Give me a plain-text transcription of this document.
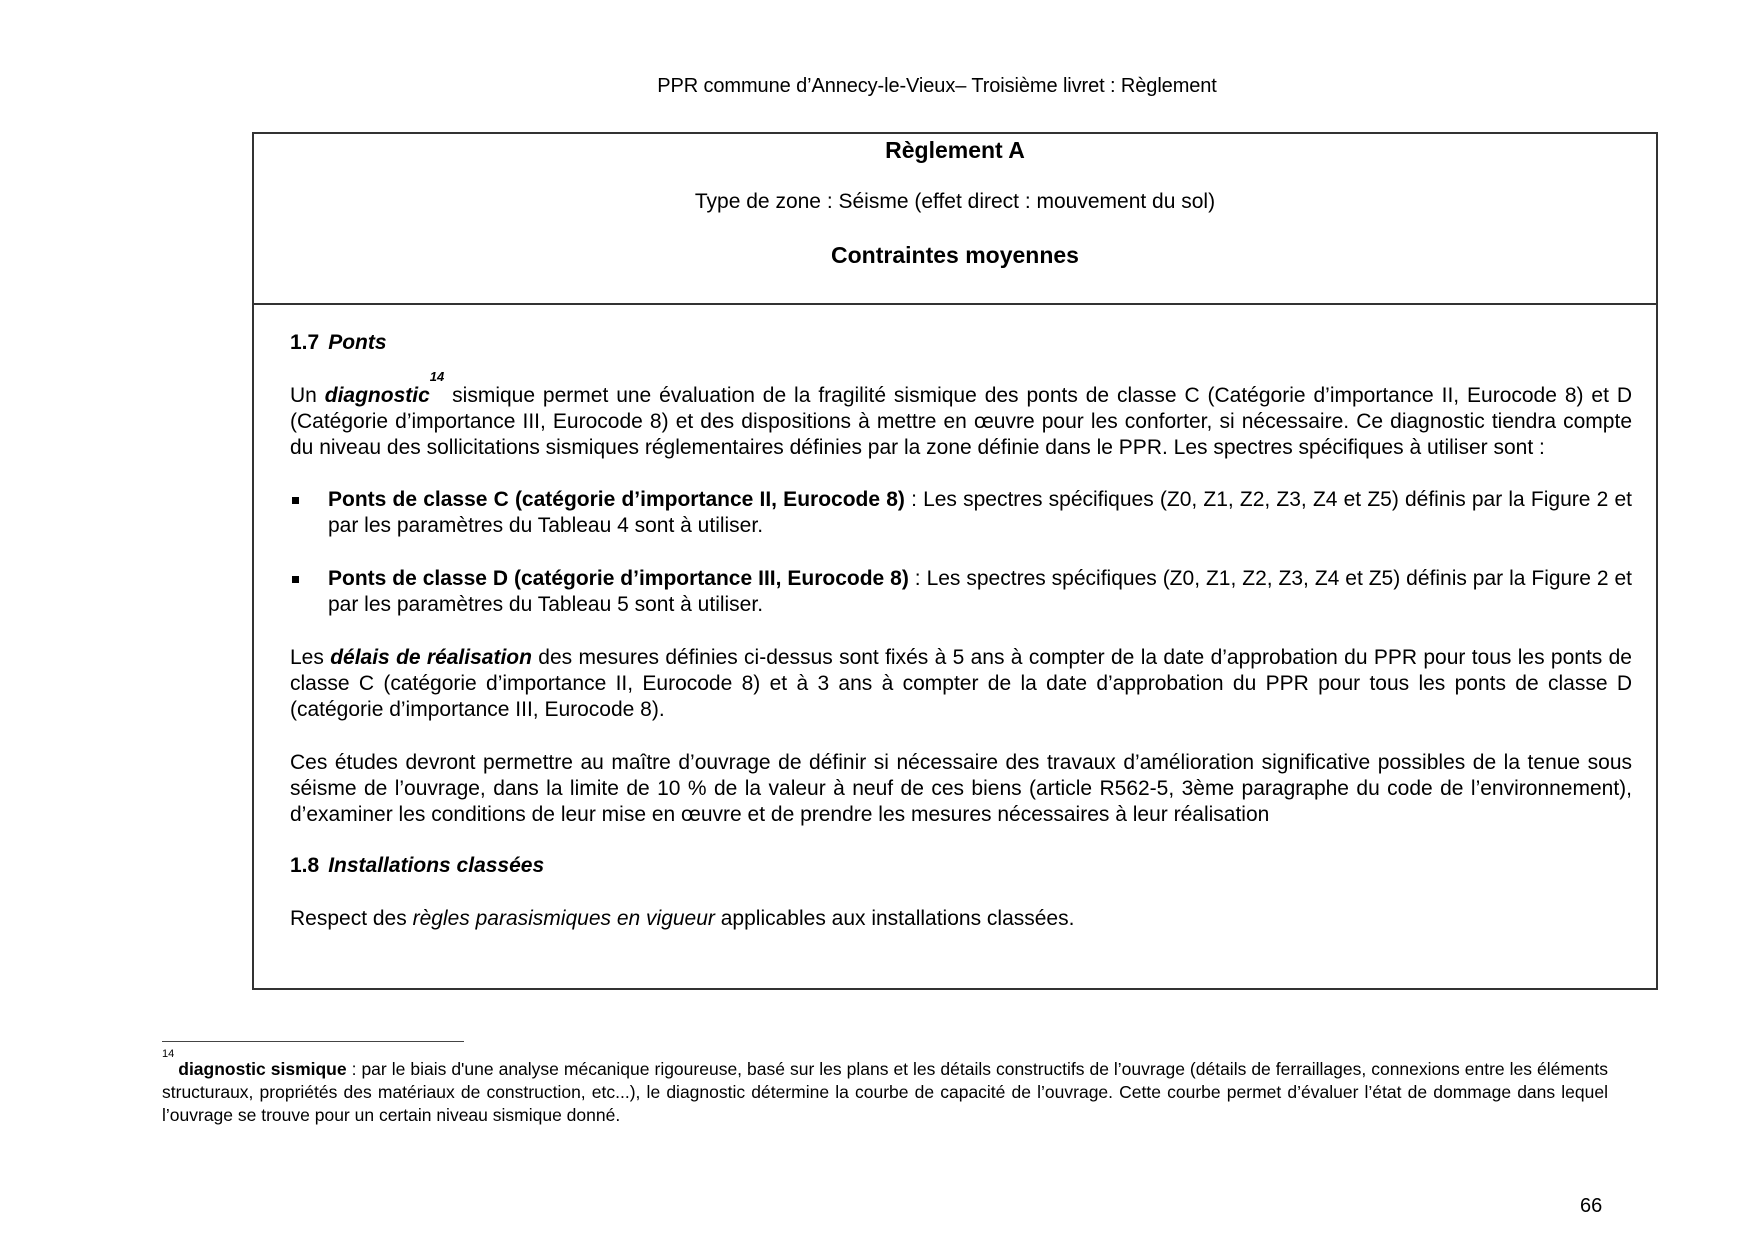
PPR commune d’Annecy-le-Vieux– Troisième livret : Règlement
Règlement A
Type de zone : Séisme (effet direct : mouvement du sol)
Contraintes moyennes
1.7 Ponts

Un diagnostic$^{14}$ sismique permet une évaluation de la fragilité sismique des ponts de classe C (Catégorie d’importance II, Eurocode 8) et D (Catégorie d’importance III, Eurocode 8) et des dispositions à mettre en œuvre pour les conforter, si nécessaire. Ce diagnostic tiendra compte du niveau des sollicitations sismiques réglementaires définies par la zone définie dans le PPR. Les spectres spécifiques à utiliser sont :

Ponts de classe C (catégorie d’importance II, Eurocode 8) : Les spectres spécifiques (Z0, Z1, Z2, Z3, Z4 et Z5) définis par la Figure 2 et par les paramètres du Tableau 4 sont à utiliser.
Ponts de classe D (catégorie d’importance III, Eurocode 8) : Les spectres spécifiques (Z0, Z1, Z2, Z3, Z4 et Z5) définis par la Figure 2 et par les paramètres du Tableau 5 sont à utiliser.

Les délais de réalisation des mesures définies ci-dessus sont fixés à 5 ans à compter de la date d’approbation du PPR pour tous les ponts de classe C (catégorie d’importance II, Eurocode 8) et à 3 ans à compter de la date d’approbation du PPR pour tous les ponts de classe D (catégorie d’importance III, Eurocode 8).

Ces études devront permettre au maître d’ouvrage de définir si nécessaire des travaux d’amélioration significative possibles de la tenue sous séisme de l’ouvrage, dans la limite de 10 % de la valeur à neuf de ces biens (article R562-5, 3ème paragraphe du code de l’environnement), d’examiner les conditions de leur mise en œuvre et de prendre les mesures nécessaires à leur réalisation

1.8 Installations classées

Respect des règles parasismiques en vigueur applicables aux installations classées.

$^{14}$diagnostic sismique : par le biais d'une analyse mécanique rigoureuse, basé sur les plans et les détails constructifs de l’ouvrage (détails de ferraillages, connexions entre les éléments structuraux, propriétés des matériaux de construction, etc...), le diagnostic détermine la courbe de capacité de l’ouvrage. Cette courbe permet d’évaluer l’état de dommage dans lequel l’ouvrage se trouve pour un certain niveau sismique donné.
66
